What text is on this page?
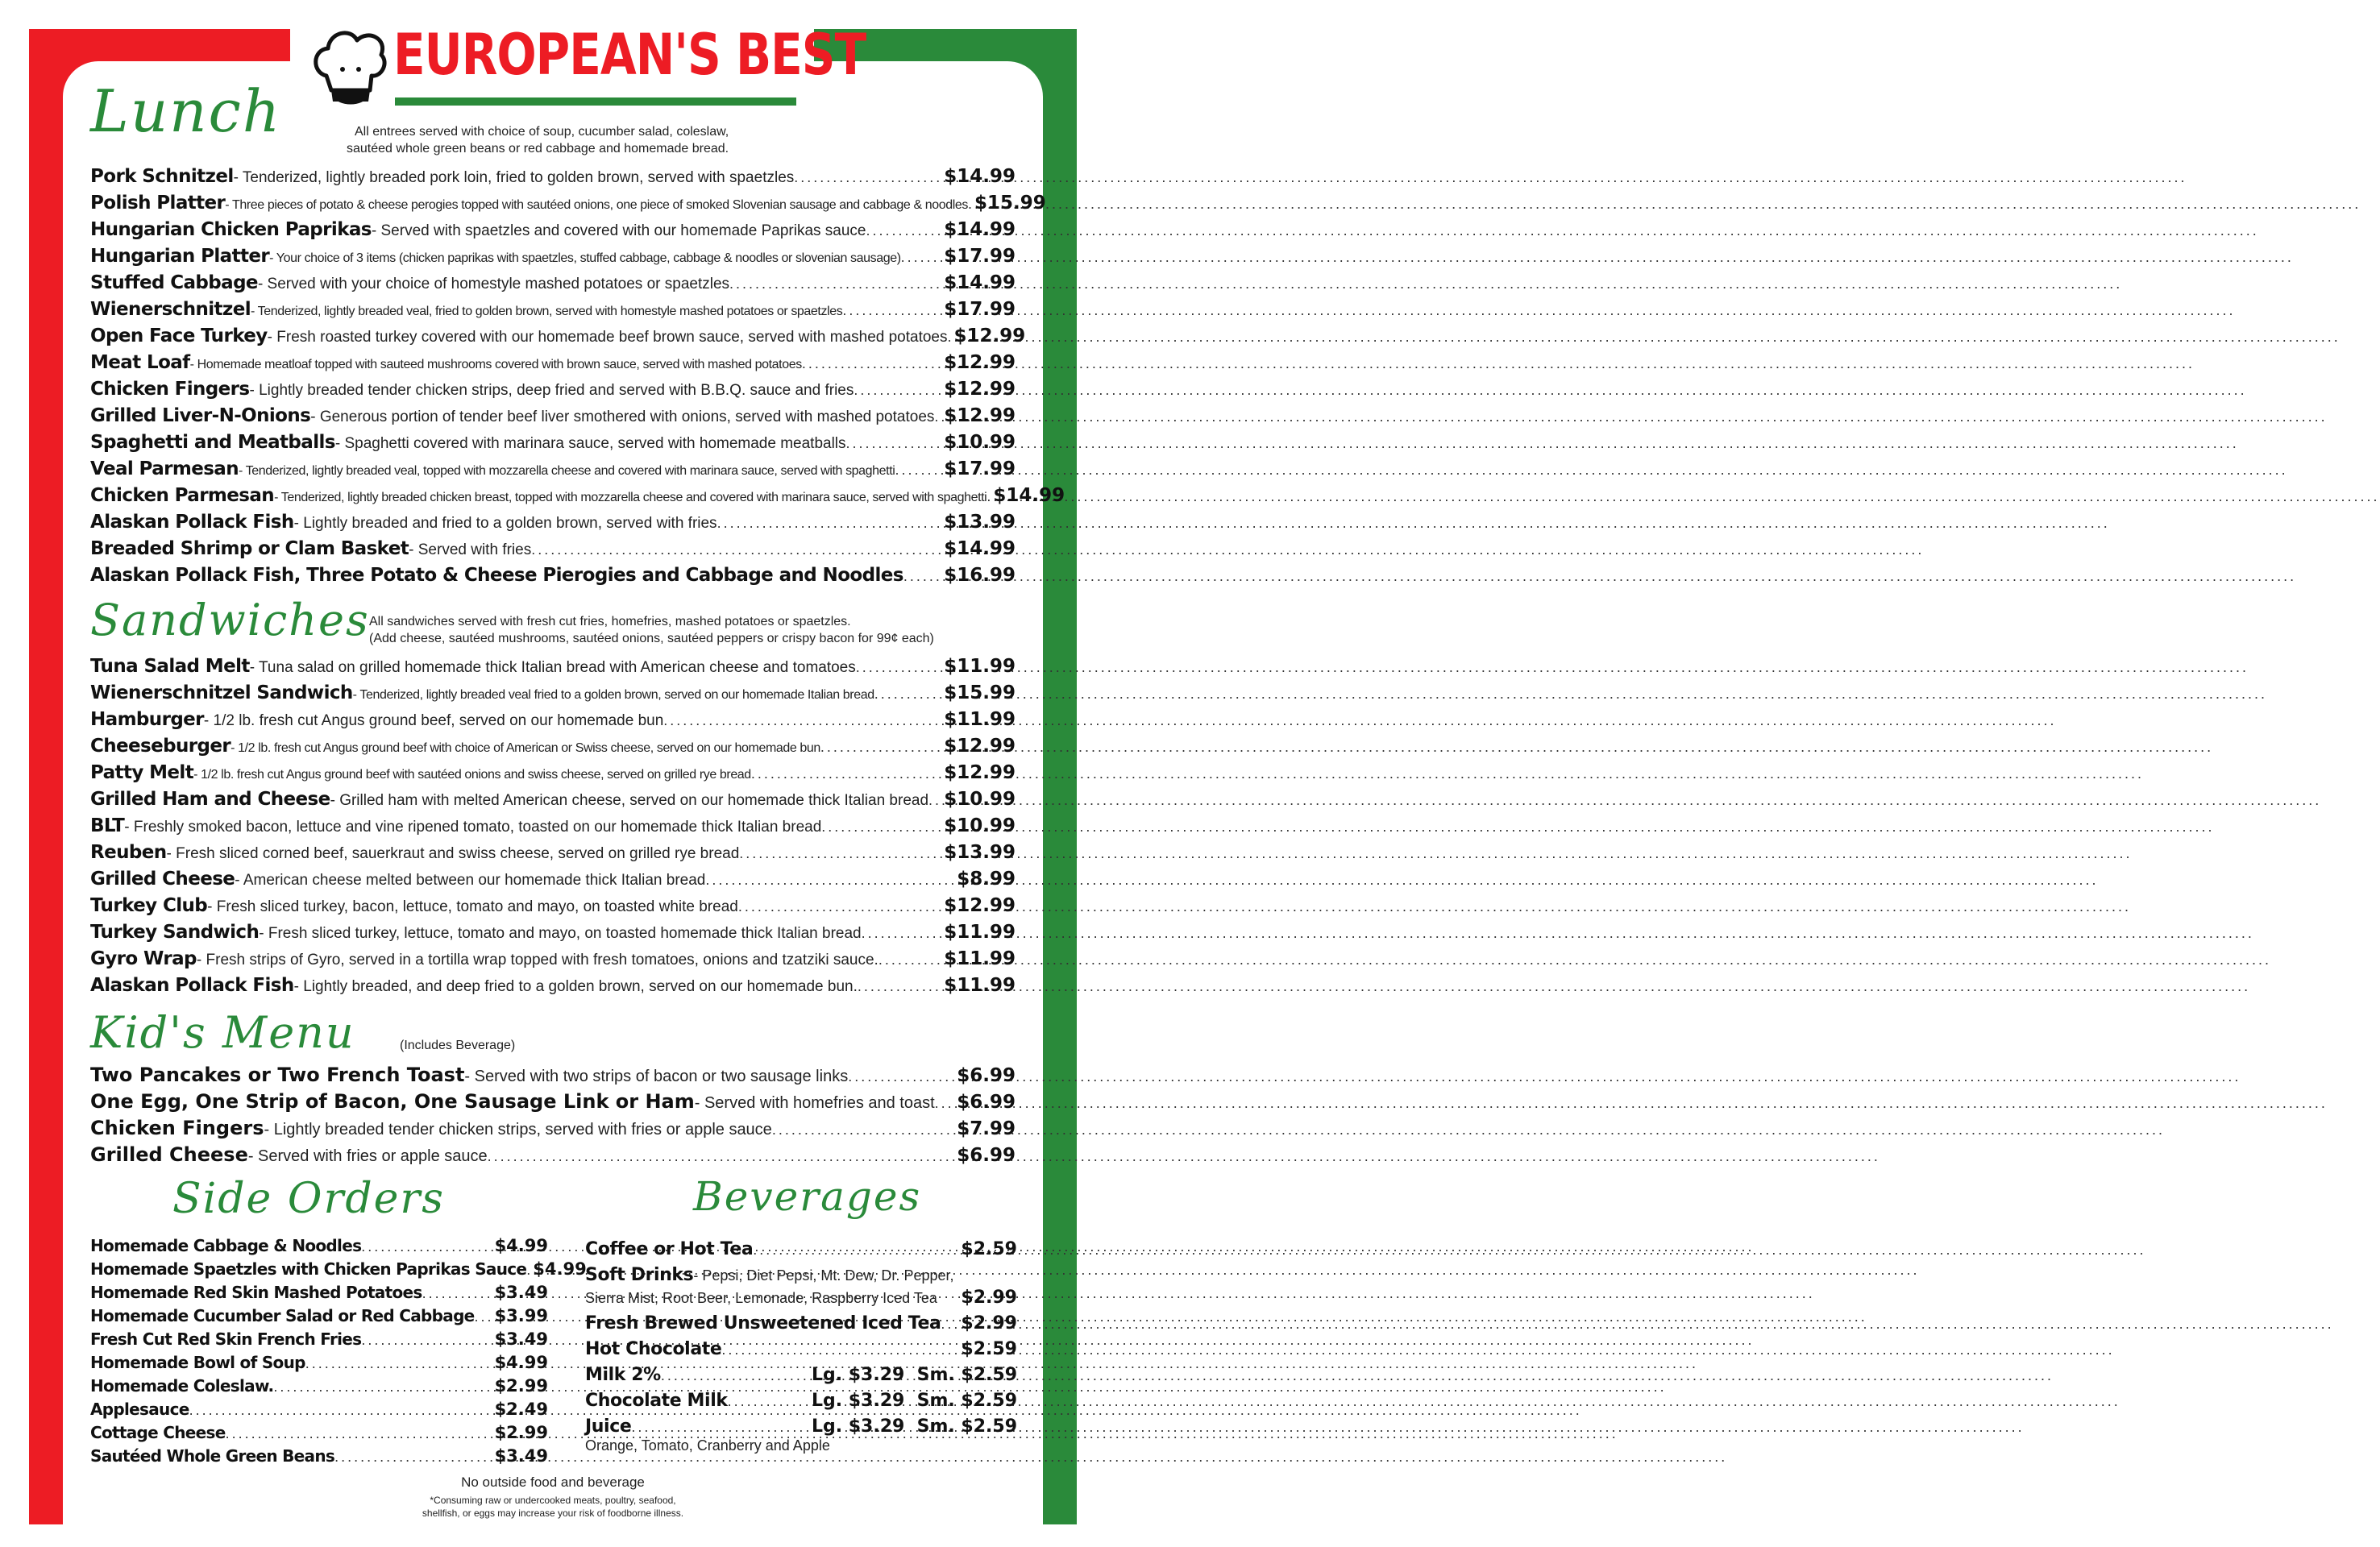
EUROPEAN'S BEST
Lunch	All entrees served with choice of soup, cucumber salad, coleslaw,
sautéed whole green beans or red cabbage and homemade bread.
Pork Schnitzel - Tenderized, lightly breaded pork loin, fried to golden brown, served with spaetzles .....	$14.99
Polish Platter - Three pieces of potato & cheese perogies topped with sautéed onions, one piece of smoked Slovenian sausage and cabbage & noodles ..... $15.99
Hungarian Chicken Paprikas - Served with spaetzles and covered with our homemade Paprikas sauce .....	$14.99
Hungarian Platter - Your choice of 3 items (chicken paprikas with spaetzles, stuffed cabbage, cabbage & noodles or slovenian sausage) ..... $17.99
Stuffed Cabbage - Served with your choice of homestyle mashed potatoes or spaetzles .....	$14.99
Wienerschnitzel - Tenderized, lightly breaded veal, fried to golden brown, served with homestyle mashed potatoes or spaetzles .....	$17.99
Open Face Turkey - Fresh roasted turkey covered with our homemade beef brown sauce, served with mashed potatoes ..... $12.99
Meat Loaf - Homemade meatloaf topped with sauteed mushrooms covered with brown sauce, served with mashed potatoes .....	$12.99
Chicken Fingers - Lightly breaded tender chicken strips, deep fried and served with B.B.Q. sauce and fries .....	$12.99
Grilled Liver-N-Onions - Generous portion of tender beef liver smothered with onions, served with mashed potatoes ..... $12.99
Spaghetti and Meatballs - Spaghetti covered with marinara sauce, served with homemade meatballs .....	$10.99
Veal Parmesan - Tenderized, lightly breaded veal, topped with mozzarella cheese and covered with marinara sauce, served with spaghetti .....	$17.99
Chicken Parmesan - Tenderized, lightly breaded chicken breast, topped with mozzarella cheese and covered with marinara sauce, served with spaghetti ..... $14.99
Alaskan Pollack Fish - Lightly breaded and fried to a golden brown, served with fries .....	$13.99
Breaded Shrimp or Clam Basket - Served with fries .....	$14.99
Alaskan Pollack Fish, Three Potato & Cheese Pierogies and Cabbage and Noodles ..... $16.99
Sandwiches All sandwiches served with fresh cut fries, homefries, mashed potatoes or spaetzles.
(Add cheese, sautéed mushrooms, sautéed onions, sautéed peppers or crispy bacon for 99¢ each)
Tuna Salad Melt - Tuna salad on grilled homemade thick Italian bread with American cheese and tomatoes .....	$11.99
Wienerschnitzel Sandwich - Tenderized, lightly breaded veal fried to a golden brown, served on our homemade Italian bread .....	$15.99
Hamburger - 1/2 lb. fresh cut Angus ground beef, served on our homemade bun .....	$11.99
Cheeseburger - 1/2 lb. fresh cut Angus ground beef with choice of American or Swiss cheese, served on our homemade bun .....	$12.99
Patty Melt - 1/2 lb. fresh cut Angus ground beef with sautéed onions and swiss cheese, served on grilled rye bread .....	$12.99
Grilled Ham and Cheese - Grilled ham with melted American cheese, served on our homemade thick Italian bread ..... $10.99
BLT - Freshly smoked bacon, lettuce and vine ripened tomato, toasted on our homemade thick Italian bread .....	$10.99
Reuben - Fresh sliced corned beef, sauerkraut and swiss cheese, served on grilled rye bread .....	$13.99
Grilled Cheese - American cheese melted between our homemade thick Italian bread .....	$8.99
Turkey Club - Fresh sliced turkey, bacon, lettuce, tomato and mayo, on toasted white bread .....	$12.99
Turkey Sandwich - Fresh sliced turkey, lettuce, tomato and mayo, on toasted homemade thick Italian bread .....	$11.99
Gyro Wrap - Fresh strips of Gyro, served in a tortilla wrap topped with fresh tomatoes, onions and tzatziki sauce. .....	$11.99
Alaskan Pollack Fish - Lightly breaded, and deep fried to a golden brown, served on our homemade bun. .....	$11.99
Kid's Menu	(Includes Beverage)
Two Pancakes or Two French Toast - Served with two strips of bacon or two sausage links .....	$6.99
One Egg, One Strip of Bacon, One Sausage Link or Ham - Served with homefries and toast ..... $6.99
Chicken Fingers - Lightly breaded tender chicken strips, served with fries or apple sauce .....	$7.99
Grilled Cheese - Served with fries or apple sauce .....	$6.99
Side Orders
Homemade Cabbage & Noodles .....	$4.99
Homemade Spaetzles with Chicken Paprikas Sauce ..... $4.99
Homemade Red Skin Mashed Potatoes .....	$3.49
Homemade Cucumber Salad or Red Cabbage ..... $3.99
Fresh Cut Red Skin French Fries .....	$3.49
Homemade Bowl of Soup .....	$4.99
Homemade Coleslaw. .....	$2.99
Applesauce .....	$2.49
Cottage Cheese .....	$2.99
Sautéed Whole Green Beans .....	$3.49
Beverages
Coffee or Hot Tea .....	$2.59
Soft Drinks - Pepsi, Diet Pepsi, Mt. Dew, Dr. Pepper,
Sierra Mist, Root Beer, Lemonade, Raspberry Iced Tea	$2.99
Fresh Brewed Unsweetened Iced Tea ..... $2.99
Hot Chocolate .....	$2.59
Milk 2% .....	Lg. $3.29  Sm. $2.59
Chocolate Milk .....	Lg. $3.29  Sm. $2.59
Juice .....	Lg. $3.29  Sm. $2.59
Orange, Tomato, Cranberry and Apple
No outside food and beverage
*Consuming raw or undercooked meats, poultry, seafood,
shellfish, or eggs may increase your risk of foodborne illness.
